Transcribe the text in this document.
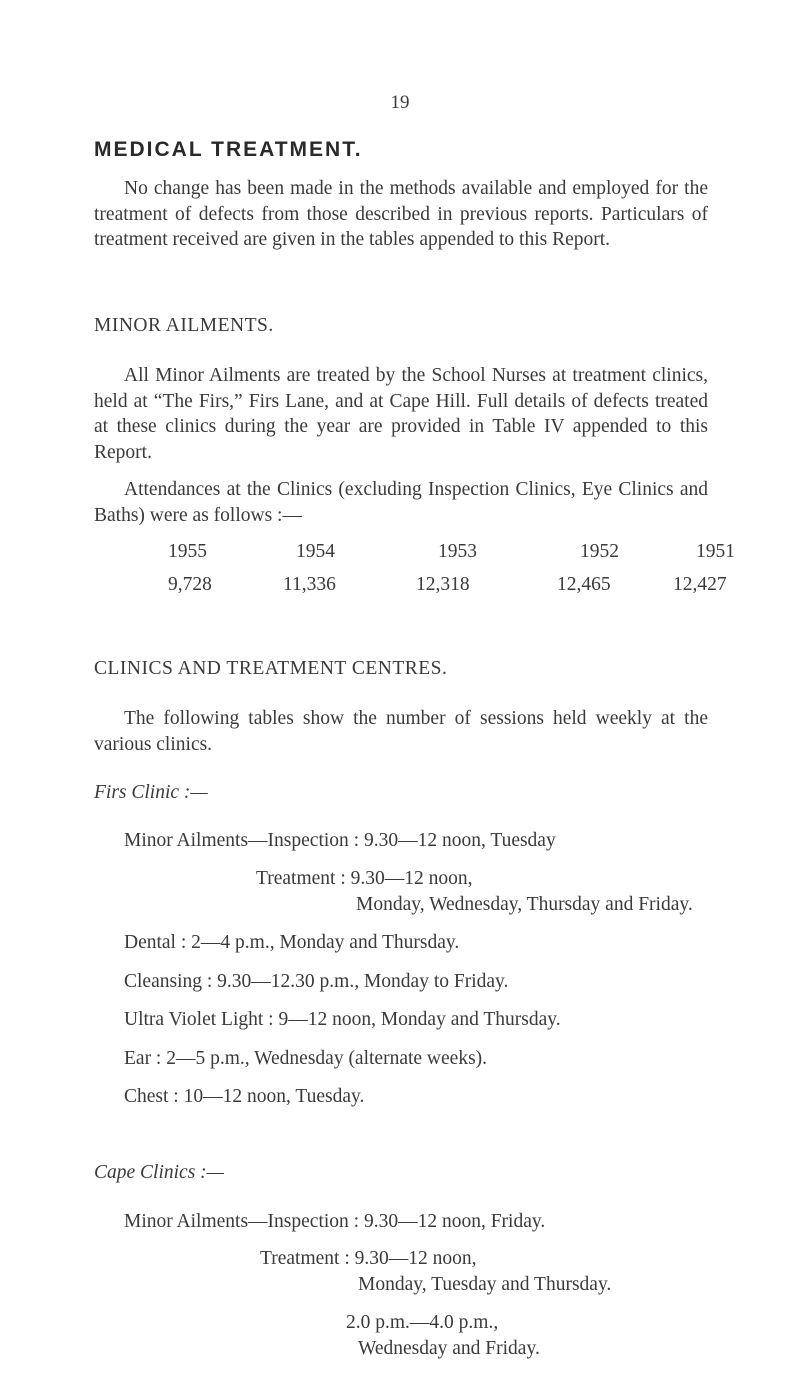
19
MEDICAL TREATMENT.
No change has been made in the methods available and employed for the treatment of defects from those described in previous reports. Particulars of treatment received are given in the tables appended to this Report.
MINOR AILMENTS.
All Minor Ailments are treated by the School Nurses at treatment clinics, held at “The Firs,” Firs Lane, and at Cape Hill. Full details of defects treated at these clinics during the year are provided in Table IV appended to this Report.
Attendances at the Clinics (excluding Inspection Clinics, Eye Clinics and Baths) were as follows :—
1955	1954	1953	1952	1951
9,728	11,336	12,318	12,465	12,427
CLINICS AND TREATMENT CENTRES.
The following tables show the number of sessions held weekly at the various clinics.
Firs Clinic :—
Minor Ailments—Inspection : 9.30—12 noon, Tuesday
Treatment : 9.30—12 noon,
Monday, Wednesday, Thursday and Friday.
Dental : 2—4 p.m., Monday and Thursday.
Cleansing : 9.30—12.30 p.m., Monday to Friday.
Ultra Violet Light : 9—12 noon, Monday and Thursday.
Ear : 2—5 p.m., Wednesday (alternate weeks).
Chest : 10—12 noon, Tuesday.
Cape Clinics :—
Minor Ailments—Inspection : 9.30—12 noon, Friday.
Treatment : 9.30—12 noon,
Monday, Tuesday and Thursday.
2.0 p.m.—4.0 p.m.,
Wednesday and Friday.
